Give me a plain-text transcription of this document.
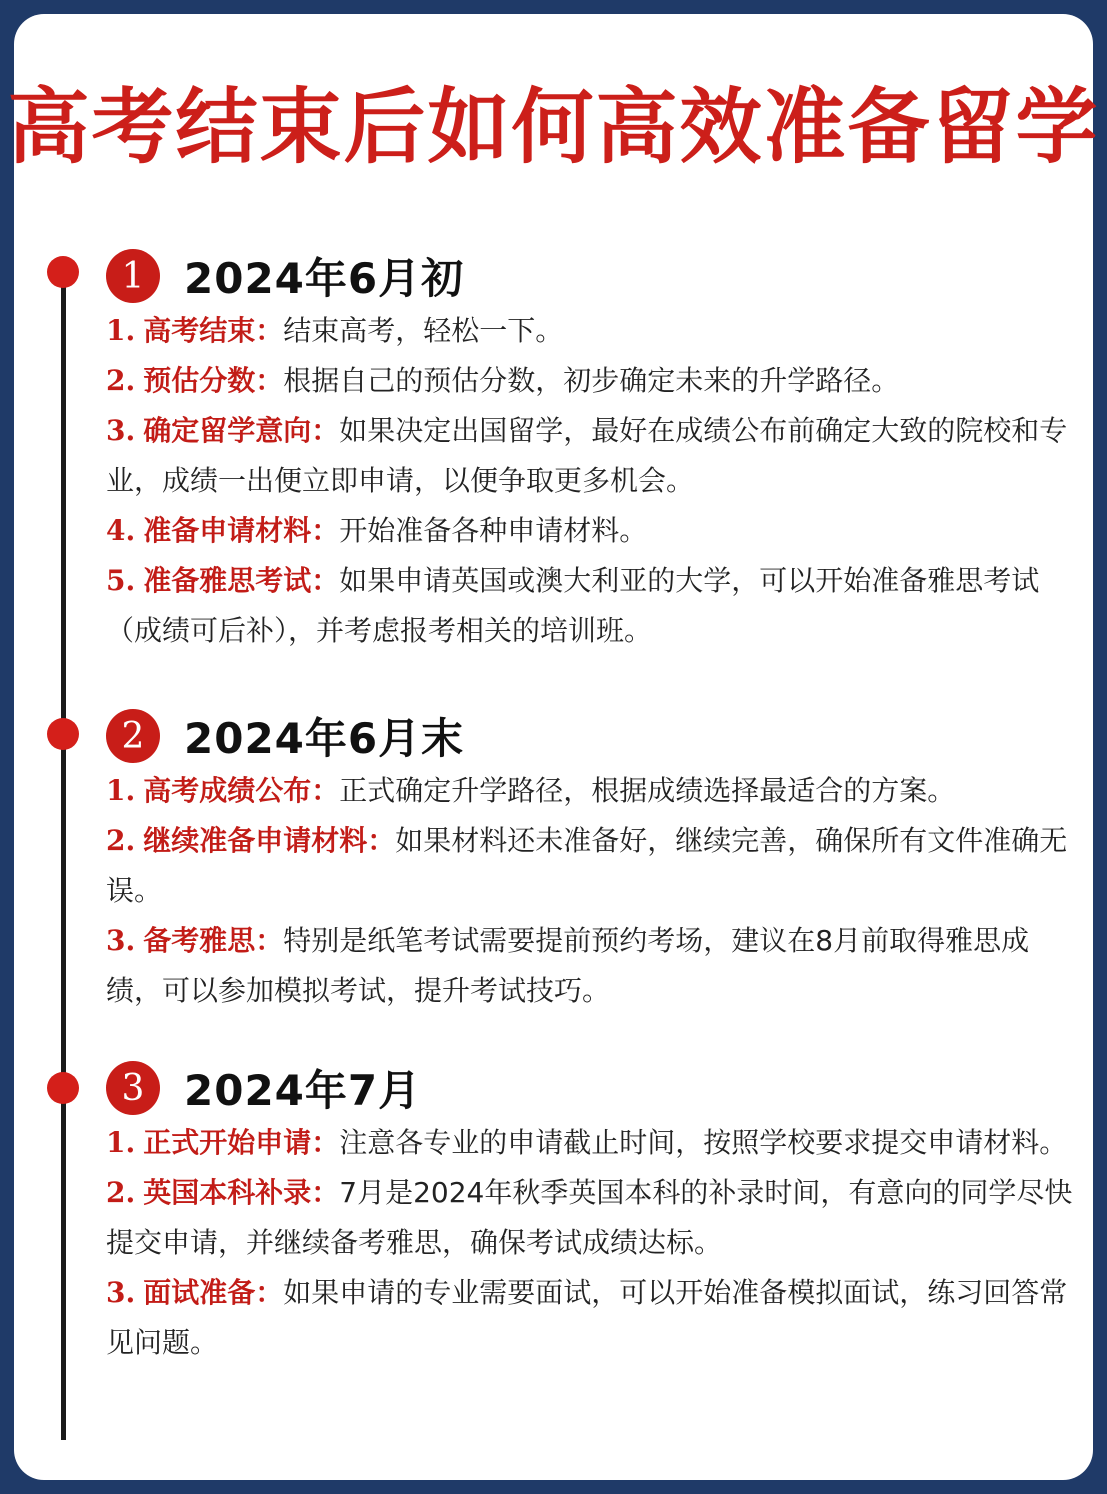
高考结束后如何高效准备留学
1 2024年6月初
1. 高考结束：结束高考，轻松一下。
2. 预估分数：根据自己的预估分数，初步确定未来的升学路径。
3. 确定留学意向：如果决定出国留学，最好在成绩公布前确定大致的院校和专业，成绩一出便立即申请，以便争取更多机会。
4. 准备申请材料：开始准备各种申请材料。
5. 准备雅思考试：如果申请英国或澳大利亚的大学，可以开始准备雅思考试（成绩可后补），并考虑报考相关的培训班。
2 2024年6月末
1. 高考成绩公布：正式确定升学路径，根据成绩选择最适合的方案。
2. 继续准备申请材料：如果材料还未准备好，继续完善，确保所有文件准确无误。
3. 备考雅思：特别是纸笔考试需要提前预约考场，建议在8月前取得雅思成绩，可以参加模拟考试，提升考试技巧。
3 2024年7月
1. 正式开始申请：注意各专业的申请截止时间，按照学校要求提交申请材料。
2. 英国本科补录：7月是2024年秋季英国本科的补录时间，有意向的同学尽快提交申请，并继续备考雅思，确保考试成绩达标。
3. 面试准备：如果申请的专业需要面试，可以开始准备模拟面试，练习回答常见问题。
